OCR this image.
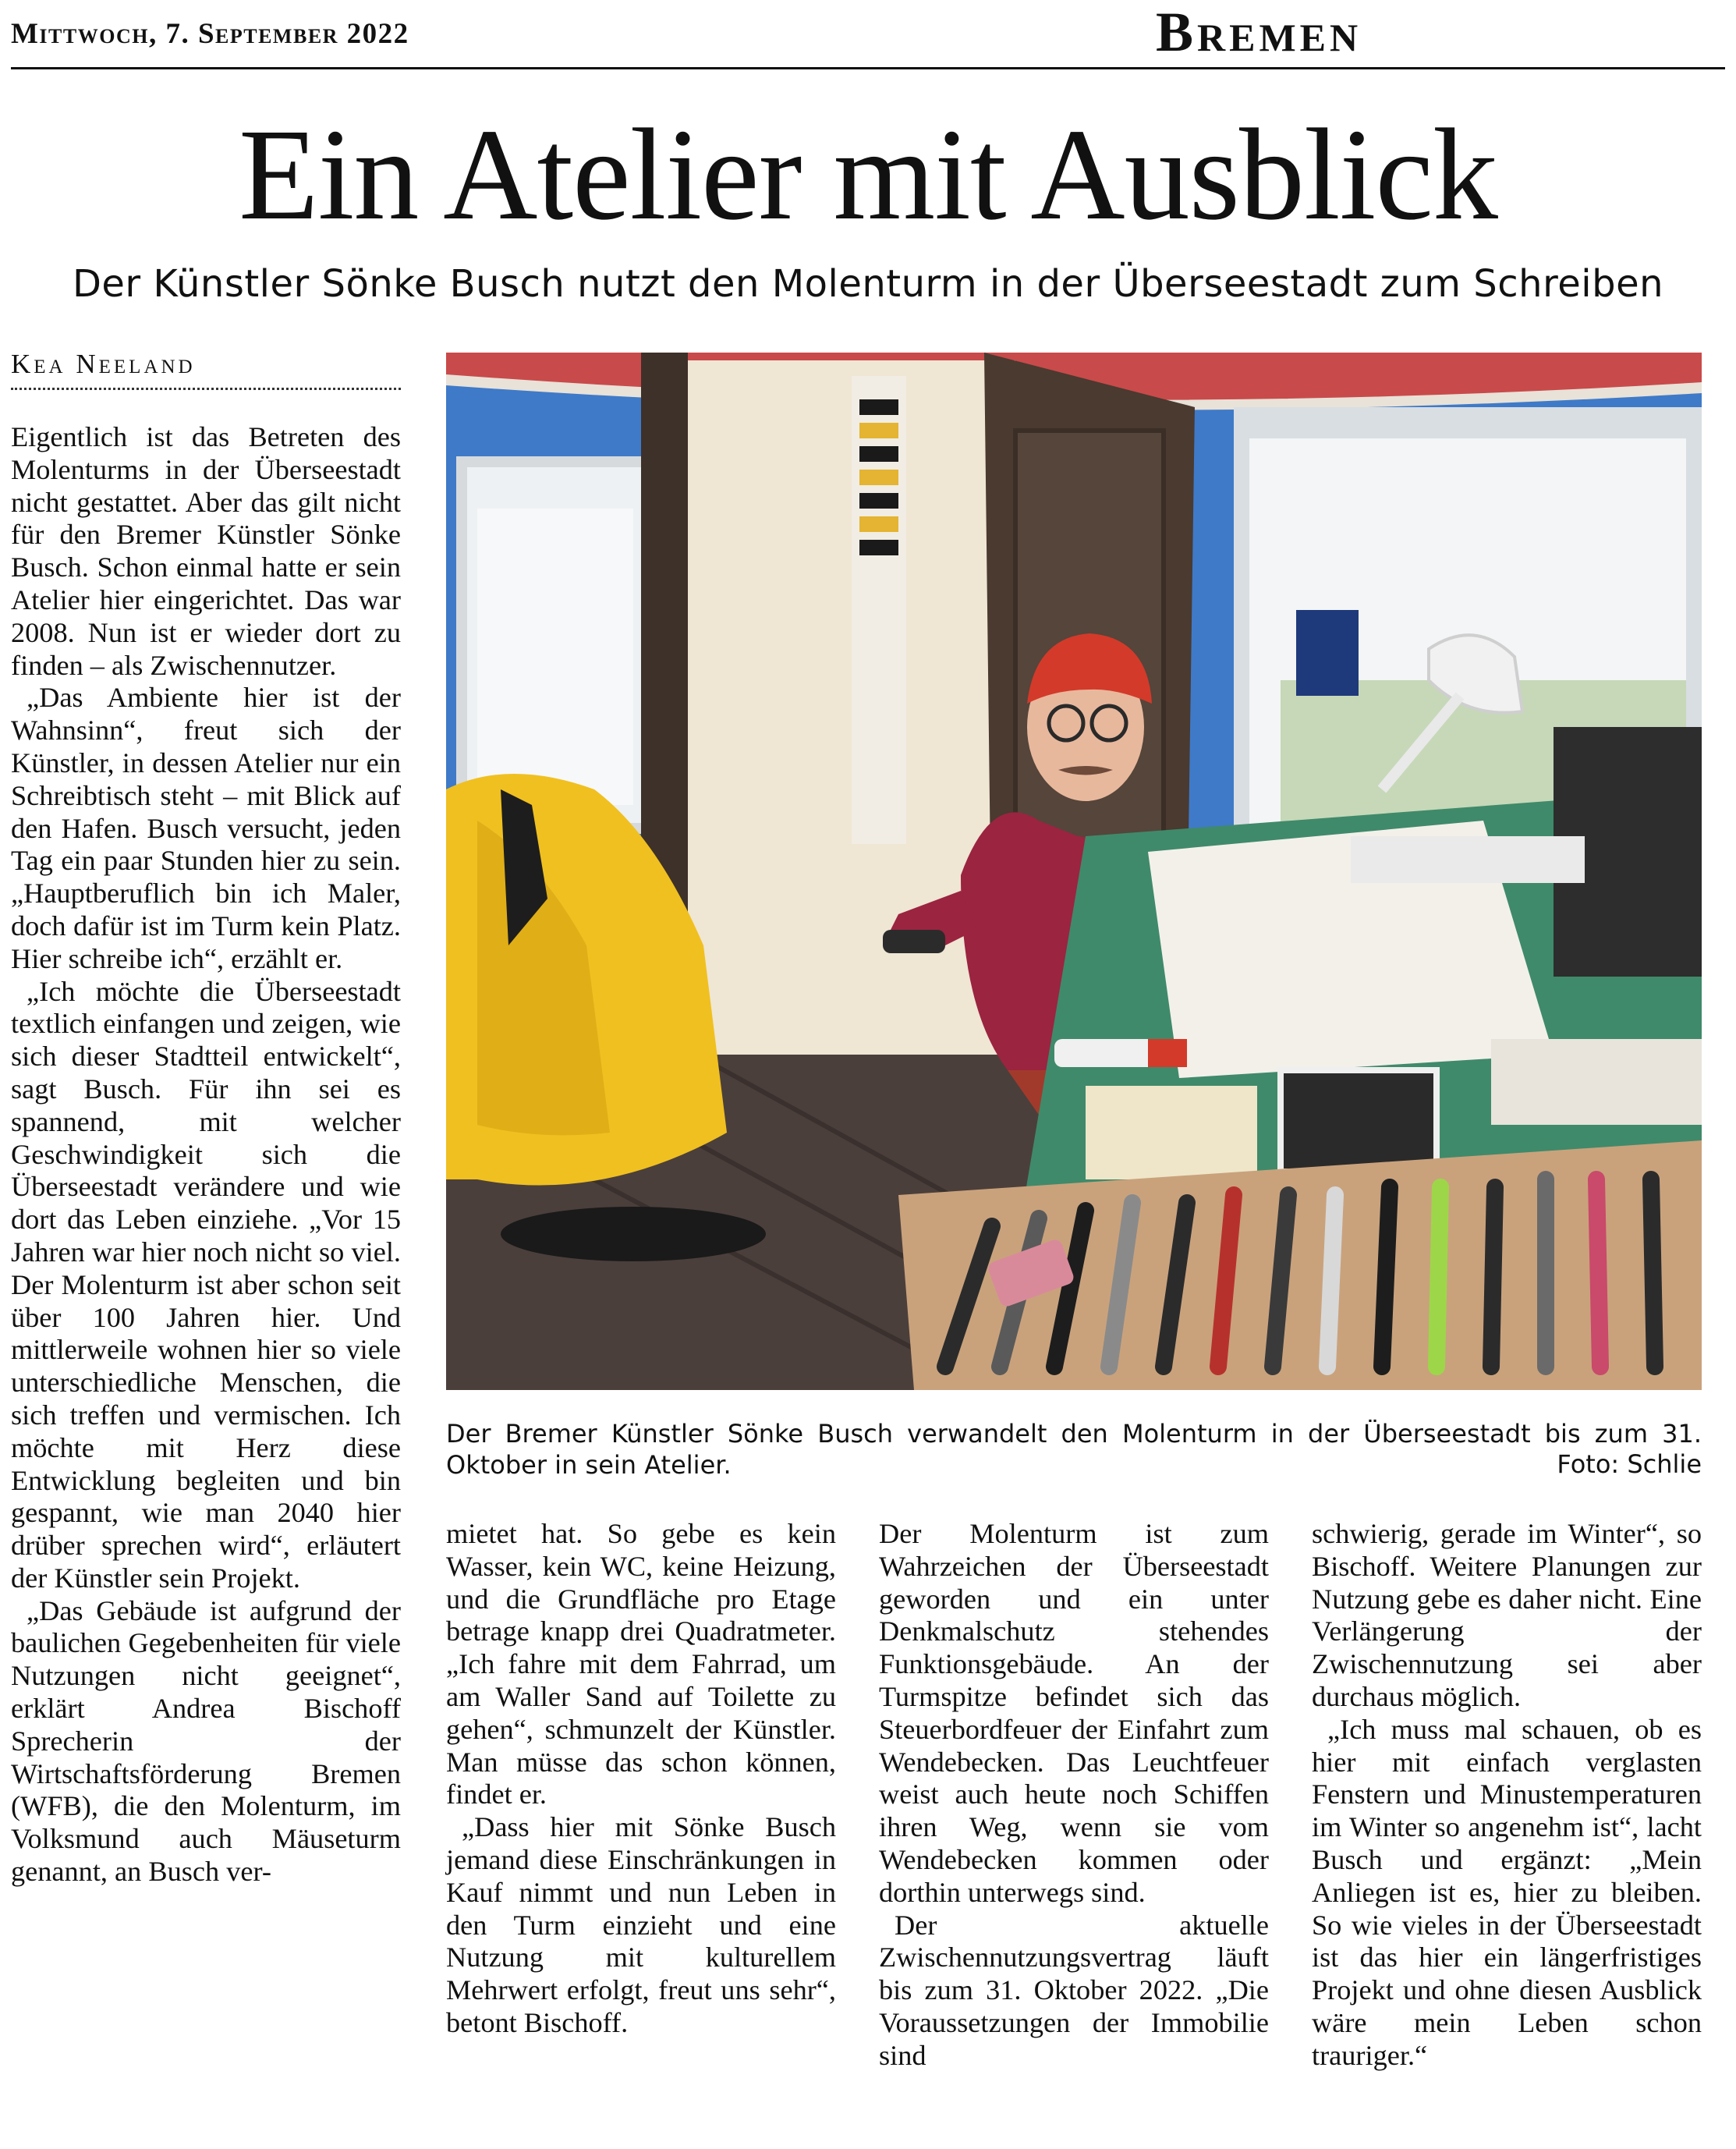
Mittwoch, 7. September 2022	Bremen
Ein Atelier mit Ausblick
Der Künstler Sönke Busch nutzt den Molenturm in der Überseestadt zum Schreiben
Kea Neeland

Eigentlich ist das Betreten des Molenturms in der Überseestadt nicht gestattet. Aber das gilt nicht für den Bremer Künstler Sönke Busch. Schon einmal hatte er sein Atelier hier eingerichtet. Das war 2008. Nun ist er wieder dort zu finden – als Zwischennutzer.

„Das Ambiente hier ist der Wahnsinn“, freut sich der Künstler, in dessen Atelier nur ein Schreibtisch steht – mit Blick auf den Hafen. Busch versucht, jeden Tag ein paar Stunden hier zu sein. „Hauptberuflich bin ich Maler, doch dafür ist im Turm kein Platz. Hier schreibe ich“, erzählt er.

„Ich möchte die Überseestadt textlich einfangen und zeigen, wie sich dieser Stadtteil entwickelt“, sagt Busch. Für ihn sei es spannend, mit welcher Geschwindigkeit sich die Überseestadt verändere und wie dort das Leben einziehe. „Vor 15 Jahren war hier noch nicht so viel. Der Molenturm ist aber schon seit über 100 Jahren hier. Und mittlerweile wohnen hier so viele unterschiedliche Menschen, die sich treffen und vermischen. Ich möchte mit Herz diese Entwicklung begleiten und bin gespannt, wie man 2040 hier drüber sprechen wird“, erläutert der Künstler sein Projekt.

„Das Gebäude ist aufgrund der baulichen Gegebenheiten für viele Nutzungen nicht geeignet“, erklärt Andrea Bischoff Sprecherin der Wirtschaftsförderung Bremen (WFB), die den Molenturm, im Volksmund auch Mäuseturm genannt, an Busch ver-

Der Bremer Künstler Sönke Busch verwandelt den Molenturm in der Überseestadt bis zum 31. Oktober in sein Atelier.	Foto: Schlie

mietet hat. So gebe es kein Wasser, kein WC, keine Heizung, und die Grundfläche pro Etage betrage knapp drei Quadratmeter. „Ich fahre mit dem Fahrrad, um am Waller Sand auf Toilette zu gehen“, schmunzelt der Künstler. Man müsse das schon können, findet er.

„Dass hier mit Sönke Busch jemand diese Einschränkungen in Kauf nimmt und nun Leben in den Turm einzieht und eine Nutzung mit kulturellem Mehrwert erfolgt, freut uns sehr“, betont Bischoff.

Der Molenturm ist zum Wahrzeichen der Überseestadt geworden und ein unter Denkmalschutz stehendes Funktionsgebäude. An der Turmspitze befindet sich das Steuerbordfeuer der Einfahrt zum Wendebecken. Das Leuchtfeuer weist auch heute noch Schiffen ihren Weg, wenn sie vom Wendebecken kommen oder dorthin unterwegs sind.

Der aktuelle Zwischennutzungsvertrag läuft bis zum 31. Oktober 2022. „Die Voraussetzungen der Immobilie sind

schwierig, gerade im Winter“, so Bischoff. Weitere Planungen zur Nutzung gebe es daher nicht. Eine Verlängerung der Zwischennutzung sei aber durchaus möglich.

„Ich muss mal schauen, ob es hier mit einfach verglasten Fenstern und Minustemperaturen im Winter so angenehm ist“, lacht Busch und ergänzt: „Mein Anliegen ist es, hier zu bleiben. So wie vieles in der Überseestadt ist das hier ein längerfristiges Projekt und ohne diesen Ausblick wäre mein Leben schon trauriger.“
